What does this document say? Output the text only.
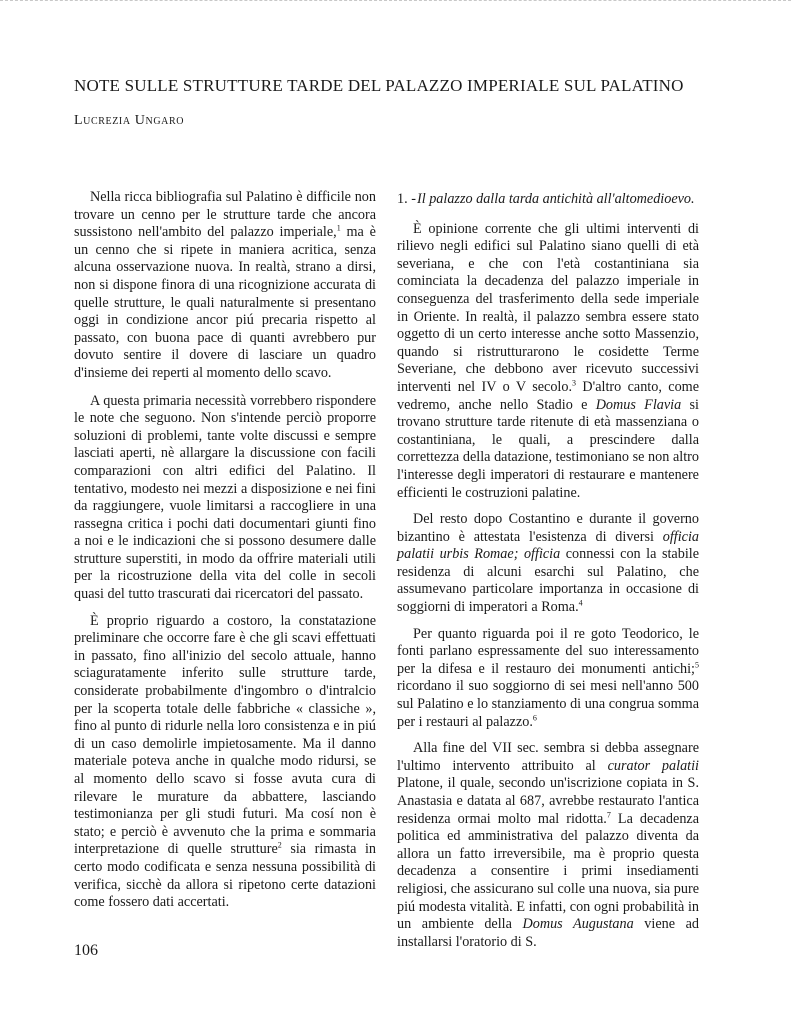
NOTE SULLE STRUTTURE TARDE DEL PALAZZO IMPERIALE SUL PALATINO
Lucrezia Ungaro

Nella ricca bibliografia sul Palatino è difficile non trovare un cenno per le strutture tarde che ancora sussistono nell'ambito del palazzo imperiale,$^1$ ma è un cenno che si ripete in maniera acritica, senza alcuna osservazione nuova. In realtà, strano a dirsi, non si dispone finora di una ricognizione accurata di quelle strutture, le quali naturalmente si presentano oggi in condizione ancor piú precaria rispetto al passato, con buona pace di quanti avrebbero pur dovuto sentire il dovere di lasciare un quadro d'insieme dei reperti al momento dello scavo.

A questa primaria necessità vorrebbero rispondere le note che seguono. Non s'intende perciò proporre soluzioni di problemi, tante volte discussi e sempre lasciati aperti, nè allargare la discussione con facili comparazioni con altri edifici del Palatino. Il tentativo, modesto nei mezzi a disposizione e nei fini da raggiungere, vuole limitarsi a raccogliere in una rassegna critica i pochi dati documentari giunti fino a noi e le indicazioni che si possono desumere dalle strutture superstiti, in modo da offrire materiali utili per la ricostruzione della vita del colle in secoli quasi del tutto trascurati dai ricercatori del passato.

È proprio riguardo a costoro, la constatazione preliminare che occorre fare è che gli scavi effettuati in passato, fino all'inizio del secolo attuale, hanno sciaguratamente inferito sulle strutture tarde, considerate probabilmente d'ingombro o d'intralcio per la scoperta totale delle fabbriche « classiche », fino al punto di ridurle nella loro consistenza e in piú di un caso demolirle impietosamente. Ma il danno materiale poteva anche in qualche modo ridursi, se al momento dello scavo si fosse avuta cura di rilevare le murature da abbattere, lasciando testimonianza per gli studi futuri. Ma cosí non è stato; e perciò è avvenuto che la prima e sommaria interpretazione di quelle strutture$^2$ sia rimasta in certo modo codificata e senza nessuna possibilità di verifica, sicchè da allora si ripetono certe datazioni come fossero dati accertati.

1. - Il palazzo dalla tarda antichità all'altomedioevo.

È opinione corrente che gli ultimi interventi di rilievo negli edifici sul Palatino siano quelli di età severiana, e che con l'età costantiniana sia cominciata la decadenza del palazzo imperiale in conseguenza del trasferimento della sede imperiale in Oriente. In realtà, il palazzo sembra essere stato oggetto di un certo interesse anche sotto Massenzio, quando si ristrutturarono le cosidette Terme Severiane, che debbono aver ricevuto successivi interventi nel IV o V secolo.$^3$ D'altro canto, come vedremo, anche nello Stadio e Domus Flavia si trovano strutture tarde ritenute di età massenziana o costantiniana, le quali, a prescindere dalla correttezza della datazione, testimoniano se non altro l'interesse degli imperatori di restaurare e mantenere efficienti le costruzioni palatine.

Del resto dopo Costantino e durante il governo bizantino è attestata l'esistenza di diversi officia palatii urbis Romae; officia connessi con la stabile residenza di alcuni esarchi sul Palatino, che assumevano particolare importanza in occasione di soggiorni di imperatori a Roma.$^4$

Per quanto riguarda poi il re goto Teodorico, le fonti parlano espressamente del suo interessamento per la difesa e il restauro dei monumenti antichi;$^5$ ricordano il suo soggiorno di sei mesi nell'anno 500 sul Palatino e lo stanziamento di una congrua somma per i restauri al palazzo.$^6$

Alla fine del VII sec. sembra si debba assegnare l'ultimo intervento attribuito al curator palatii Platone, il quale, secondo un'iscrizione copiata in S. Anastasia e datata al 687, avrebbe restaurato l'antica residenza ormai molto mal ridotta.$^7$ La decadenza politica ed amministrativa del palazzo diventa da allora un fatto irreversibile, ma è proprio questa decadenza a consentire i primi insediamenti religiosi, che assicurano sul colle una nuova, sia pure piú modesta vitalità. E infatti, con ogni probabilità in un ambiente della Domus Augustana viene ad installarsi l'oratorio di S.

106
